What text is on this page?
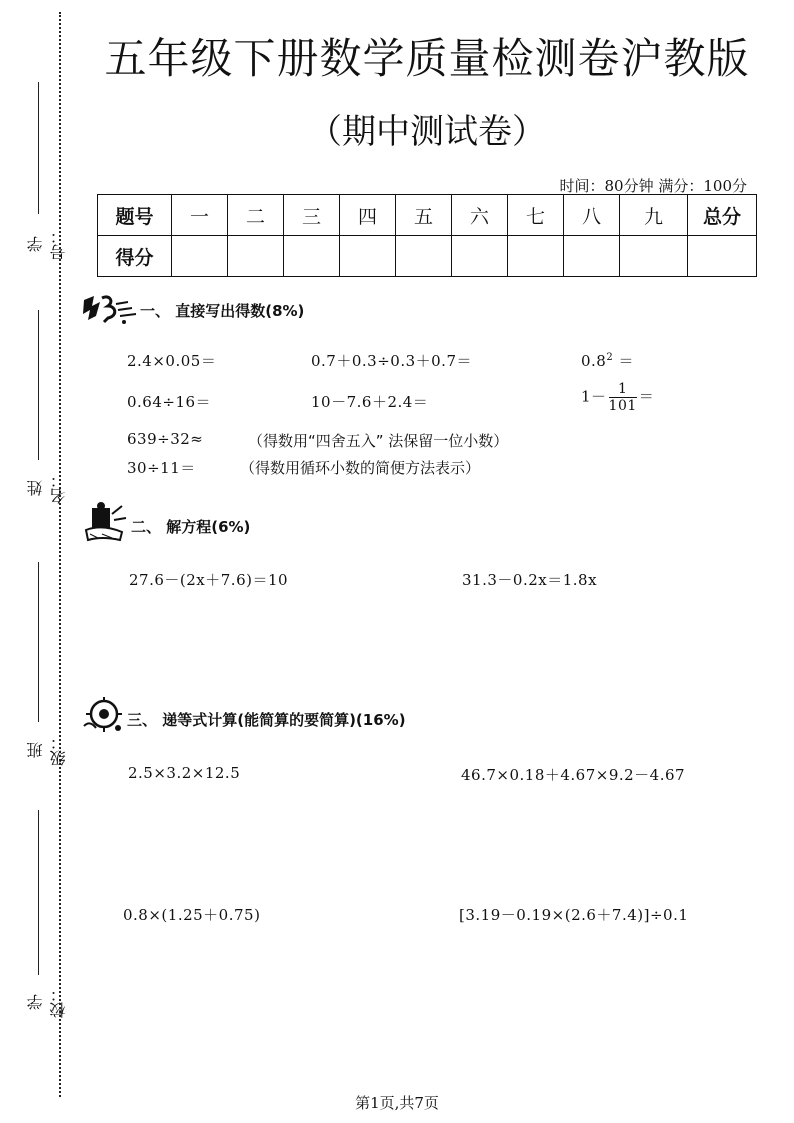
学号：
姓名：
班级：
学校：
五年级下册数学质量检测卷沪教版
（期中测试卷）
时间：80分钟 满分：100分
题号	一	二	三	四	五	六	七	八	九	总分
得分										
一、 直接写出得数(8%)
2.4×0.05＝	0.7＋0.3÷0.3＋0.7＝	$0.8^2$ ＝
0.64÷16＝	10－7.6＋2.4＝	$1- \frac{1}{101}$ ＝
639÷32≈	（得数用“四舍五入” 法保留一位小数）
30÷11＝	（得数用循环小数的简便方法表示）
二、 解方程(6%)
27.6－(2x＋7.6)＝10	31.3－0.2x＝1.8x
三、 递等式计算(能简算的要简算)(16%)
2.5×3.2×12.5	46.7×0.18＋4.67×9.2－4.67
0.8×(1.25＋0.75)	[3.19－0.19×(2.6＋7.4)]÷0.1
第1页,共7页
